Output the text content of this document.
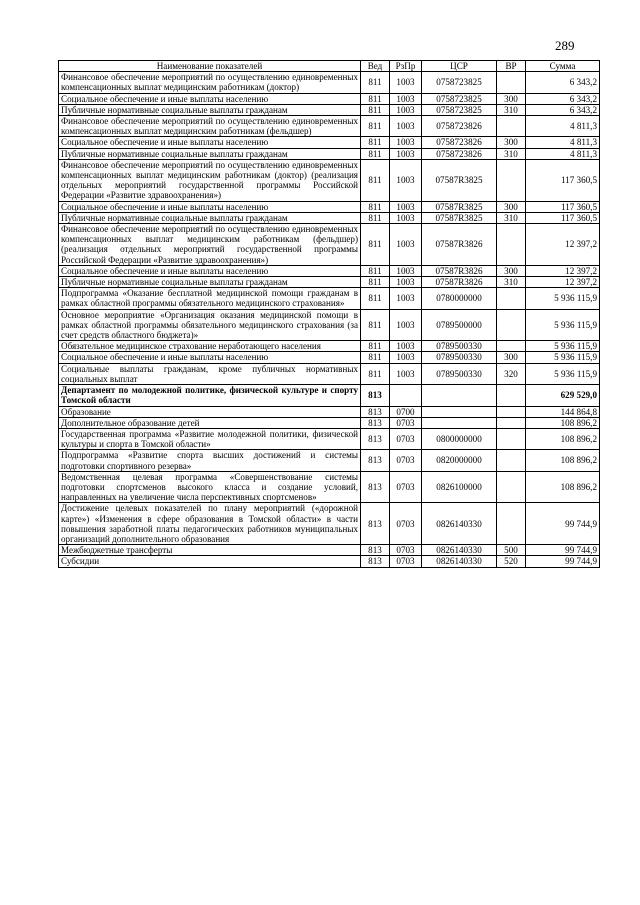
289
Наименование показателей	Вед	РзПр	ЦСР	ВР	Сумма
Финансовое обеспечение мероприятий по осуществлению единовременных компенсационных выплат медицинским работникам (доктор)	811	1003	0758723825		6 343,2
Социальное обеспечение и иные выплаты населению	811	1003	0758723825	300	6 343,2
Публичные нормативные социальные выплаты гражданам	811	1003	0758723825	310	6 343,2
Финансовое обеспечение мероприятий по осуществлению единовременных компенсационных выплат медицинским работникам (фельдшер)	811	1003	0758723826		4 811,3
Социальное обеспечение и иные выплаты населению	811	1003	0758723826	300	4 811,3
Публичные нормативные социальные выплаты гражданам	811	1003	0758723826	310	4 811,3
Финансовое обеспечение мероприятий по осуществлению единовременных компенсационных выплат медицинским работникам (доктор) (реализация отдельных мероприятий государственной программы Российской Федерации «Развитие здравоохранения»)	811	1003	07587R3825		117 360,5
Социальное обеспечение и иные выплаты населению	811	1003	07587R3825	300	117 360,5
Публичные нормативные социальные выплаты гражданам	811	1003	07587R3825	310	117 360,5
Финансовое обеспечение мероприятий по осуществлению единовременных компенсационных выплат медицинским работникам (фельдшер) (реализация отдельных мероприятий государственной программы Российской Федерации «Развитие здравоохранения»)	811	1003	07587R3826		12 397,2
Социальное обеспечение и иные выплаты населению	811	1003	07587R3826	300	12 397,2
Публичные нормативные социальные выплаты гражданам	811	1003	07587R3826	310	12 397,2
Подпрограмма «Оказание бесплатной медицинской помощи гражданам в рамках областной программы обязательного медицинского страхования»	811	1003	0780000000		5 936 115,9
Основное мероприятие «Организация оказания медицинской помощи в рамках областной программы обязательного медицинского страхования (за счет средств областного бюджета)»	811	1003	0789500000		5 936 115,9
Обязательное медицинское страхование неработающего населения	811	1003	0789500330		5 936 115,9
Социальное обеспечение и иные выплаты населению	811	1003	0789500330	300	5 936 115,9
Социальные выплаты гражданам, кроме публичных нормативных социальных выплат	811	1003	0789500330	320	5 936 115,9
Департамент по молодежной политике, физической культуре и спорту Томской области	813				629 529,0
Образование	813	0700			144 864,8
Дополнительное образование детей	813	0703			108 896,2
Государственная программа «Развитие молодежной политики, физической культуры и спорта в Томской области»	813	0703	0800000000		108 896,2
Подпрограмма «Развитие спорта высших достижений и системы подготовки спортивного резерва»	813	0703	0820000000		108 896,2
Ведомственная целевая программа «Совершенствование системы подготовки спортсменов высокого класса и создание условий, направленных на увеличение числа перспективных спортсменов»	813	0703	0826100000		108 896,2
Достижение целевых показателей по плану мероприятий («дорожной карте») «Изменения в сфере образования в Томской области» в части повышения заработной платы педагогических работников муниципальных организаций дополнительного образования	813	0703	0826140330		99 744,9
Межбюджетные трансферты	813	0703	0826140330	500	99 744,9
Субсидии	813	0703	0826140330	520	99 744,9
